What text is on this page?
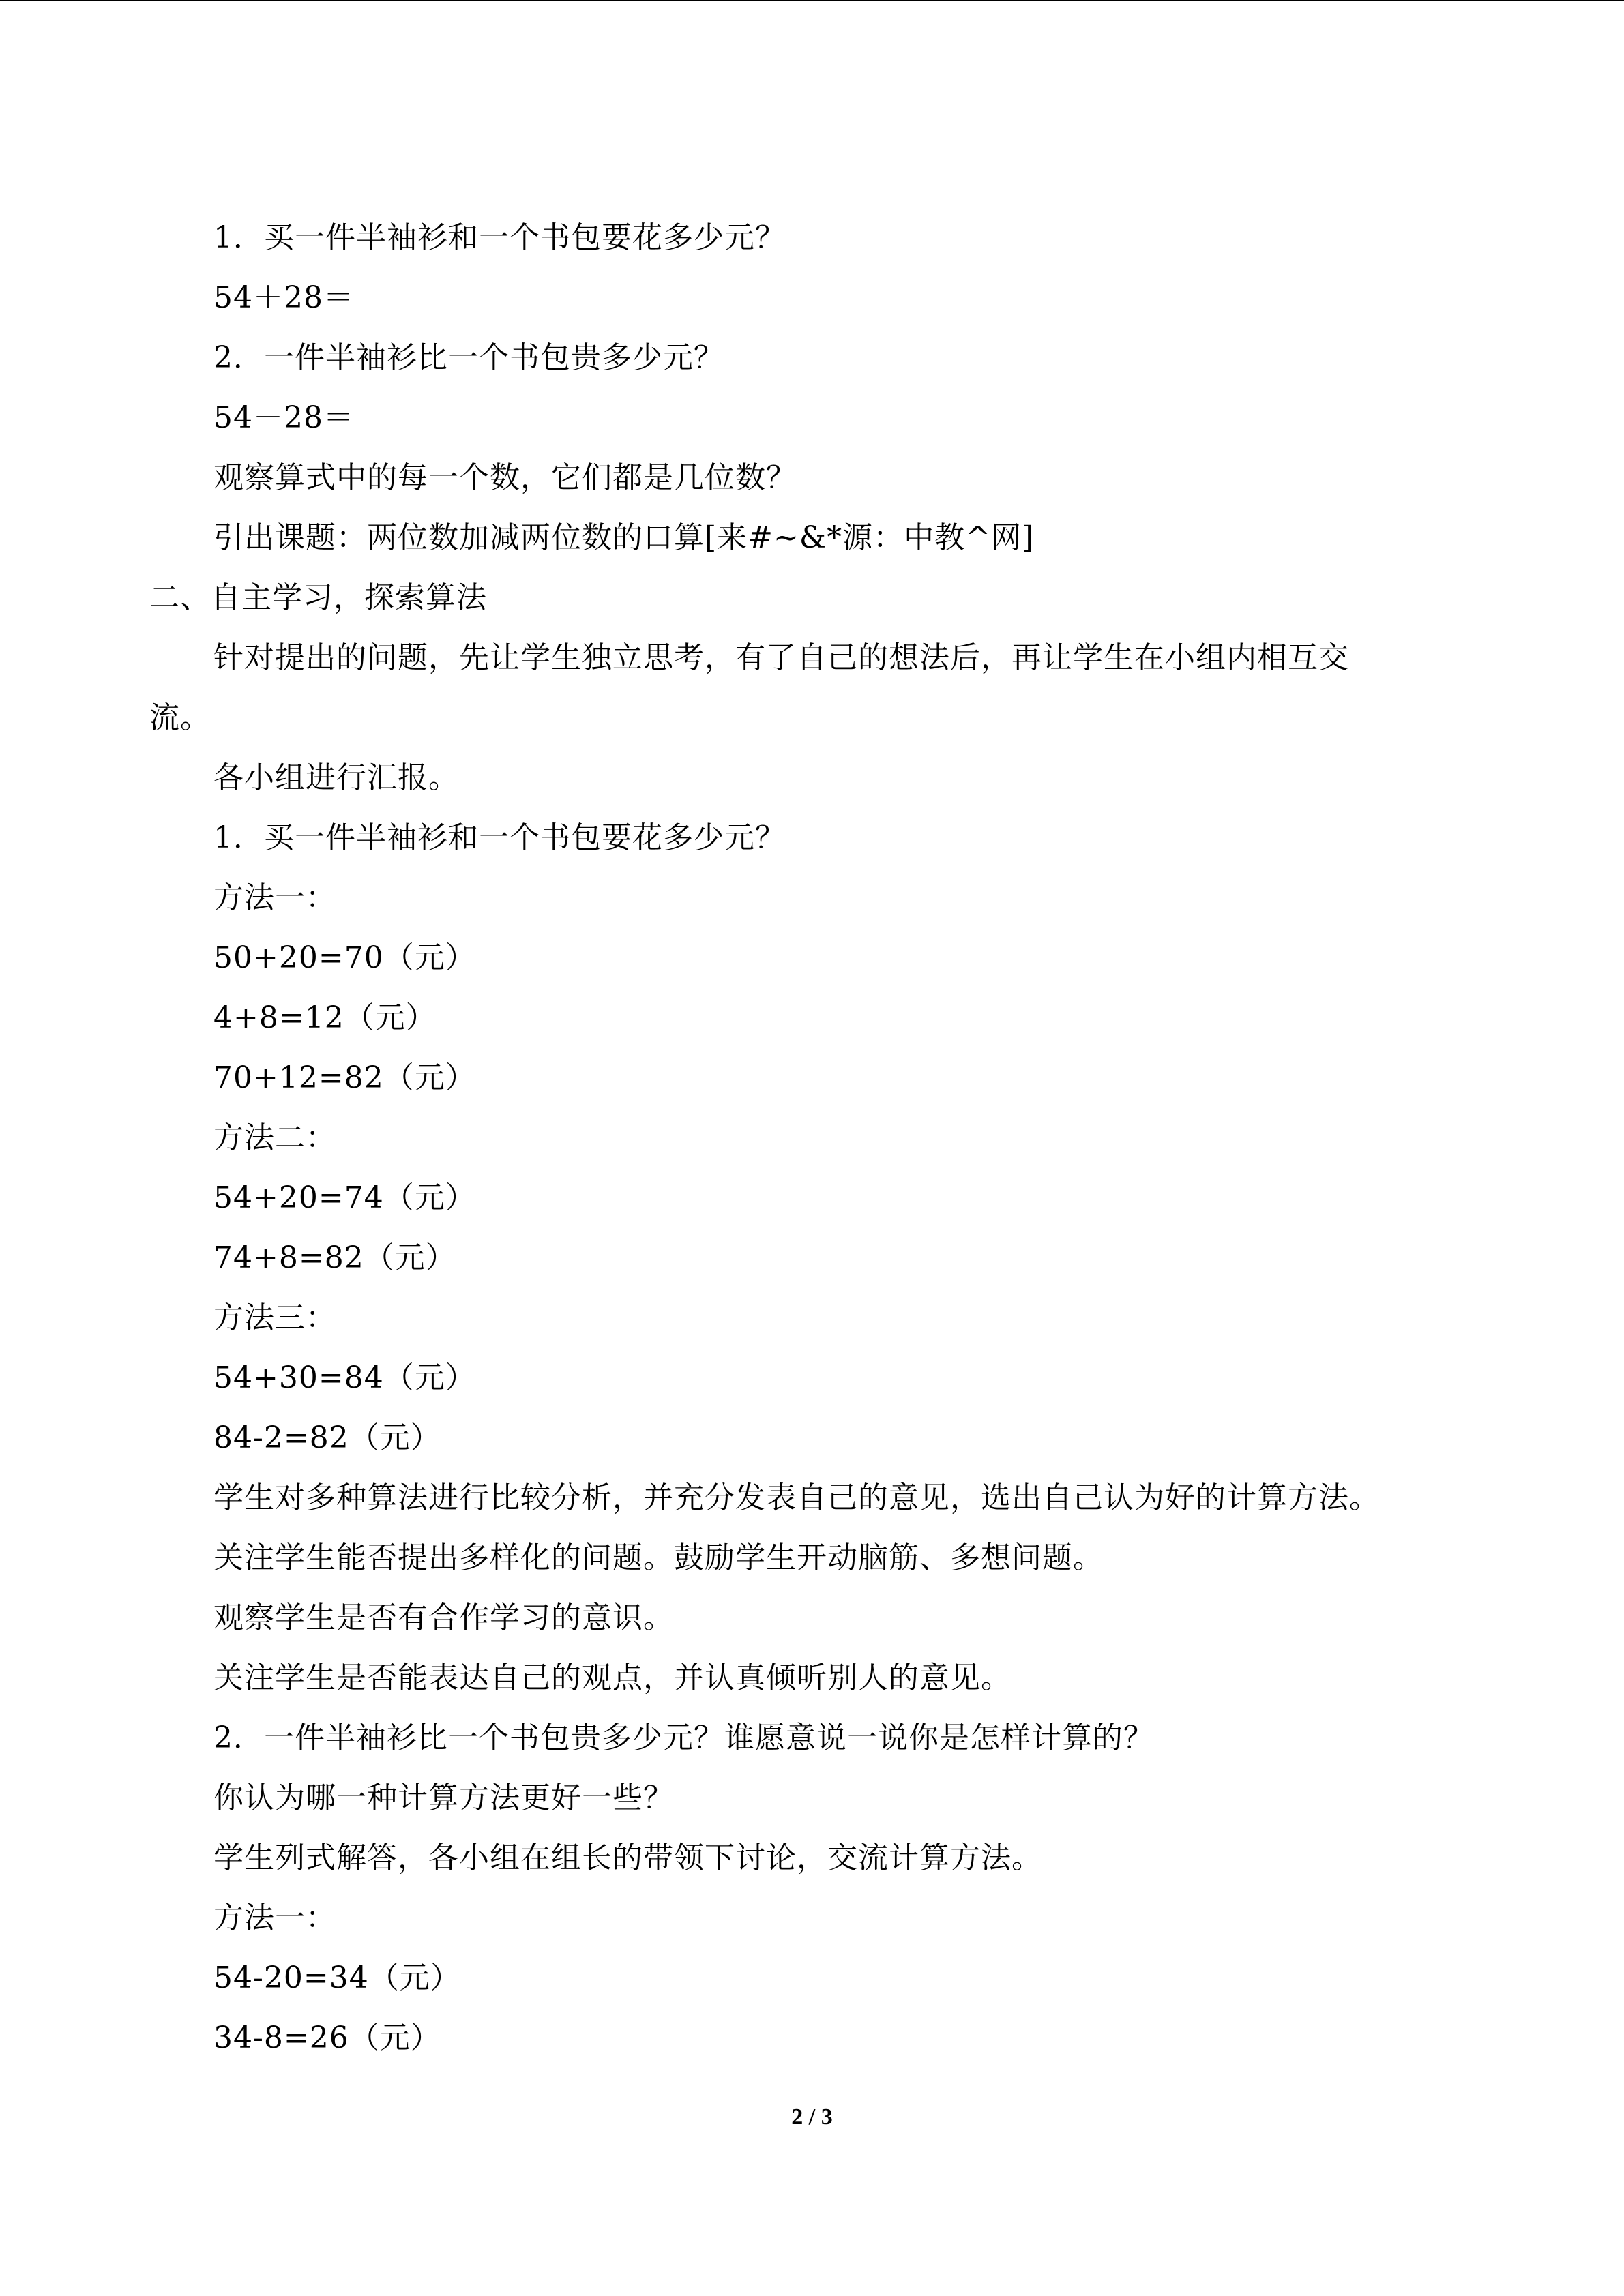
1．买一件半袖衫和一个书包要花多少元？
54＋28＝
2．一件半袖衫比一个书包贵多少元？
54－28＝
观察算式中的每一个数，它们都是几位数？
引出课题：两位数加减两位数的口算[来#~&*源：中教^网]
二、自主学习，探索算法
针对提出的问题，先让学生独立思考，有了自己的想法后，再让学生在小组内相互交
流。
各小组进行汇报。
1．买一件半袖衫和一个书包要花多少元？
方法一：
50+20=70（元）
4+8=12（元）
70+12=82（元）
方法二：
54+20=74（元）
74+8=82（元）
方法三：
54+30=84（元）
84-2=82（元）
学生对多种算法进行比较分析，并充分发表自己的意见，选出自己认为好的计算方法。
关注学生能否提出多样化的问题。鼓励学生开动脑筋、多想问题。
观察学生是否有合作学习的意识。
关注学生是否能表达自己的观点，并认真倾听别人的意见。
2．一件半袖衫比一个书包贵多少元？谁愿意说一说你是怎样计算的？
你认为哪一种计算方法更好一些？
学生列式解答，各小组在组长的带领下讨论，交流计算方法。
方法一：
54-20=34（元）
34-8=26（元）
2 / 3
